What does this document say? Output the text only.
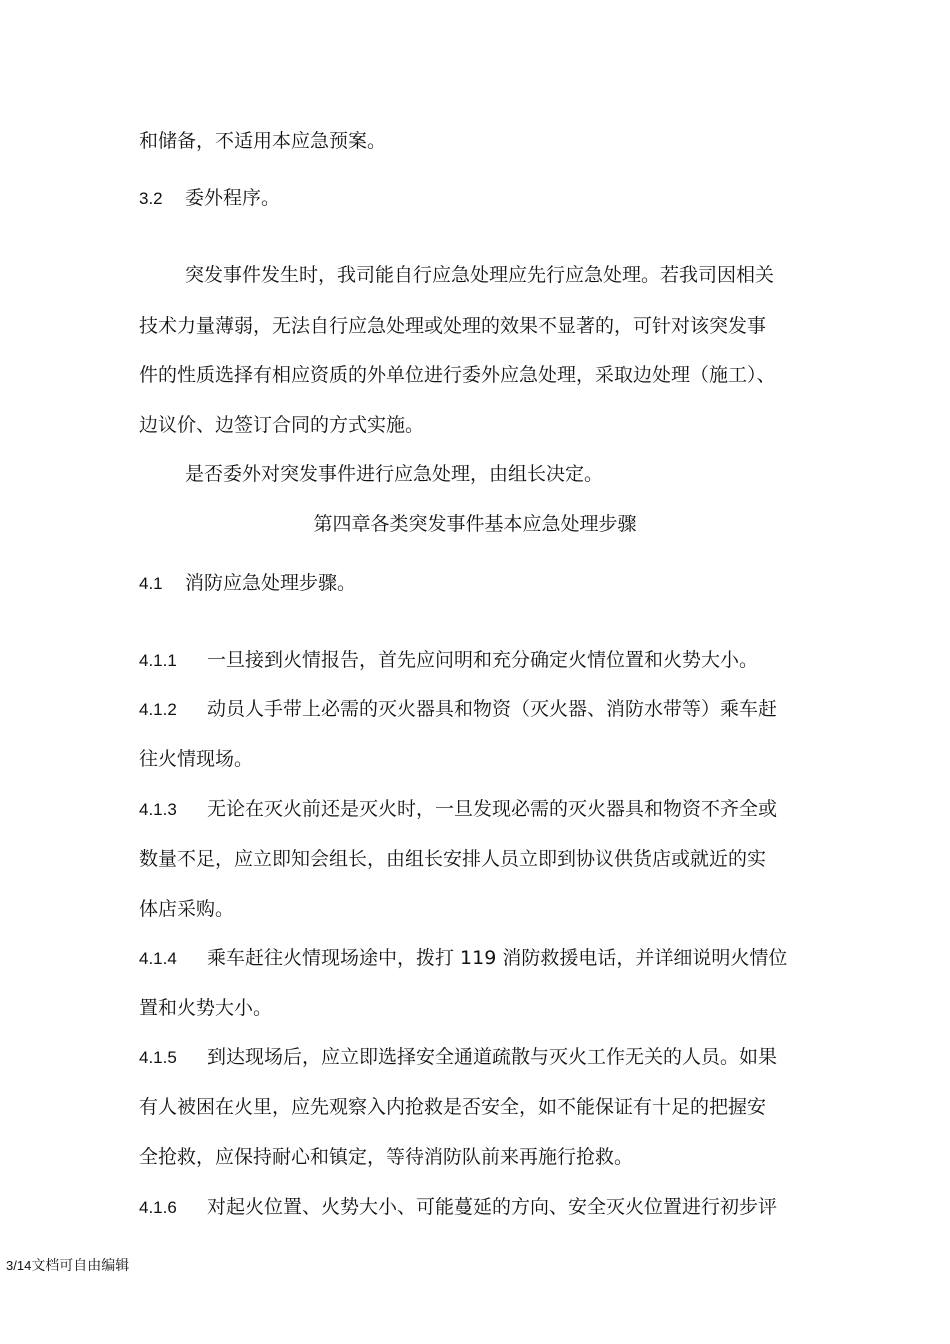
和储备，不适用本应急预案。
3.2 委外程序。
突发事件发生时，我司能自行应急处理应先行应急处理。若我司因相关
技术力量薄弱，无法自行应急处理或处理的效果不显著的，可针对该突发事
件的性质选择有相应资质的外单位进行委外应急处理，采取边处理（施工）、
边议价、边签订合同的方式实施。
是否委外对突发事件进行应急处理，由组长决定。
第四章各类突发事件基本应急处理步骤
4.1 消防应急处理步骤。
4.1.1 一旦接到火情报告，首先应问明和充分确定火情位置和火势大小。
4.1.2 动员人手带上必需的灭火器具和物资（灭火器、消防水带等）乘车赶
往火情现场。
4.1.3 无论在灭火前还是灭火时，一旦发现必需的灭火器具和物资不齐全或
数量不足，应立即知会组长，由组长安排人员立即到协议供货店或就近的实
体店采购。
4.1.4 乘车赶往火情现场途中，拨打 119 消防救援电话，并详细说明火情位
置和火势大小。
4.1.5 到达现场后，应立即选择安全通道疏散与灭火工作无关的人员。如果
有人被困在火里，应先观察入内抢救是否安全，如不能保证有十足的把握安
全抢救，应保持耐心和镇定，等待消防队前来再施行抢救。
4.1.6 对起火位置、火势大小、可能蔓延的方向、安全灭火位置进行初步评
3/14文档可自由编辑
